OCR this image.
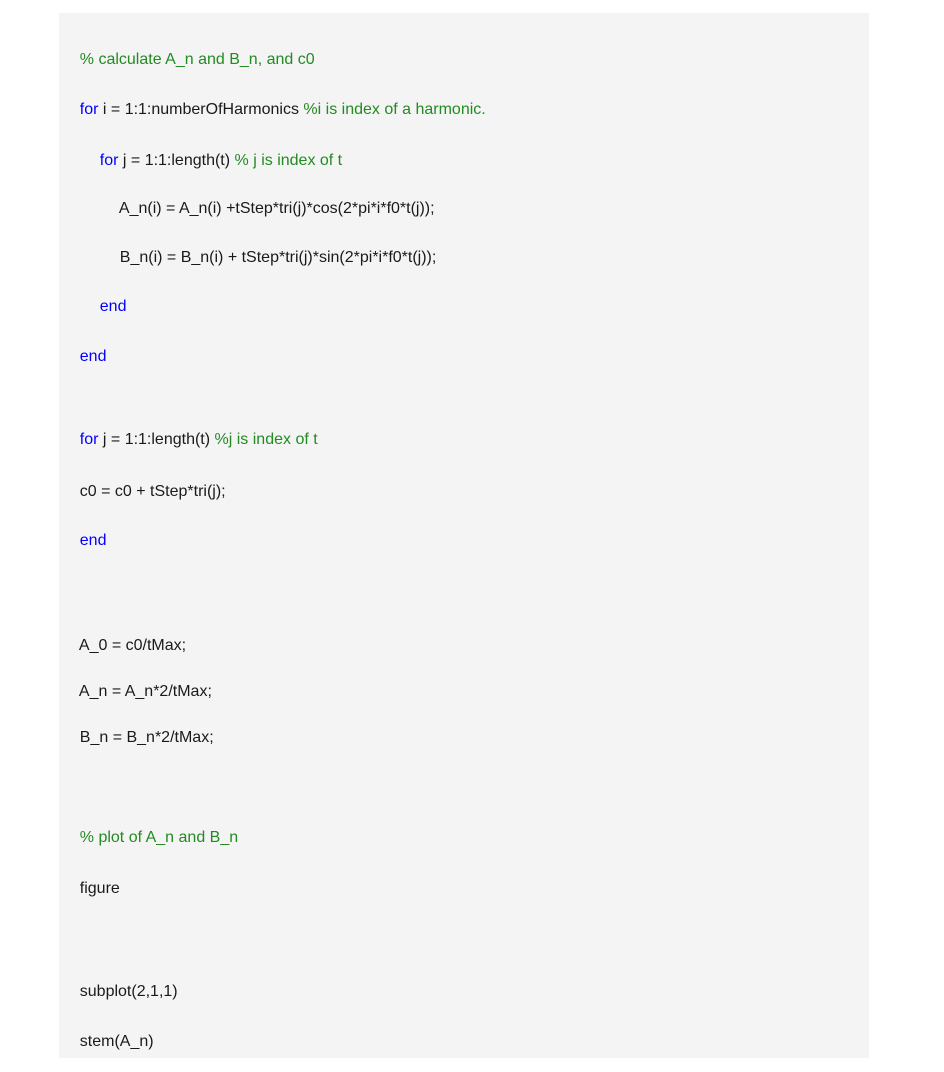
% calculate A_n and B_n, and c0

for i = 1:1:numberOfHarmonics %i is index of a harmonic.

for j = 1:1:length(t) % j is index of t

A_n(i) = A_n(i) +tStep*tri(j)*cos(2*pi*i*f0*t(j));

B_n(i) = B_n(i) + tStep*tri(j)*sin(2*pi*i*f0*t(j));

end

end

for j = 1:1:length(t) %j is index of t

c0 = c0 + tStep*tri(j);

end

A_0 = c0/tMax;

A_n = A_n*2/tMax;

B_n = B_n*2/tMax;

% plot of A_n and B_n

figure

subplot(2,1,1)

stem(A_n)
